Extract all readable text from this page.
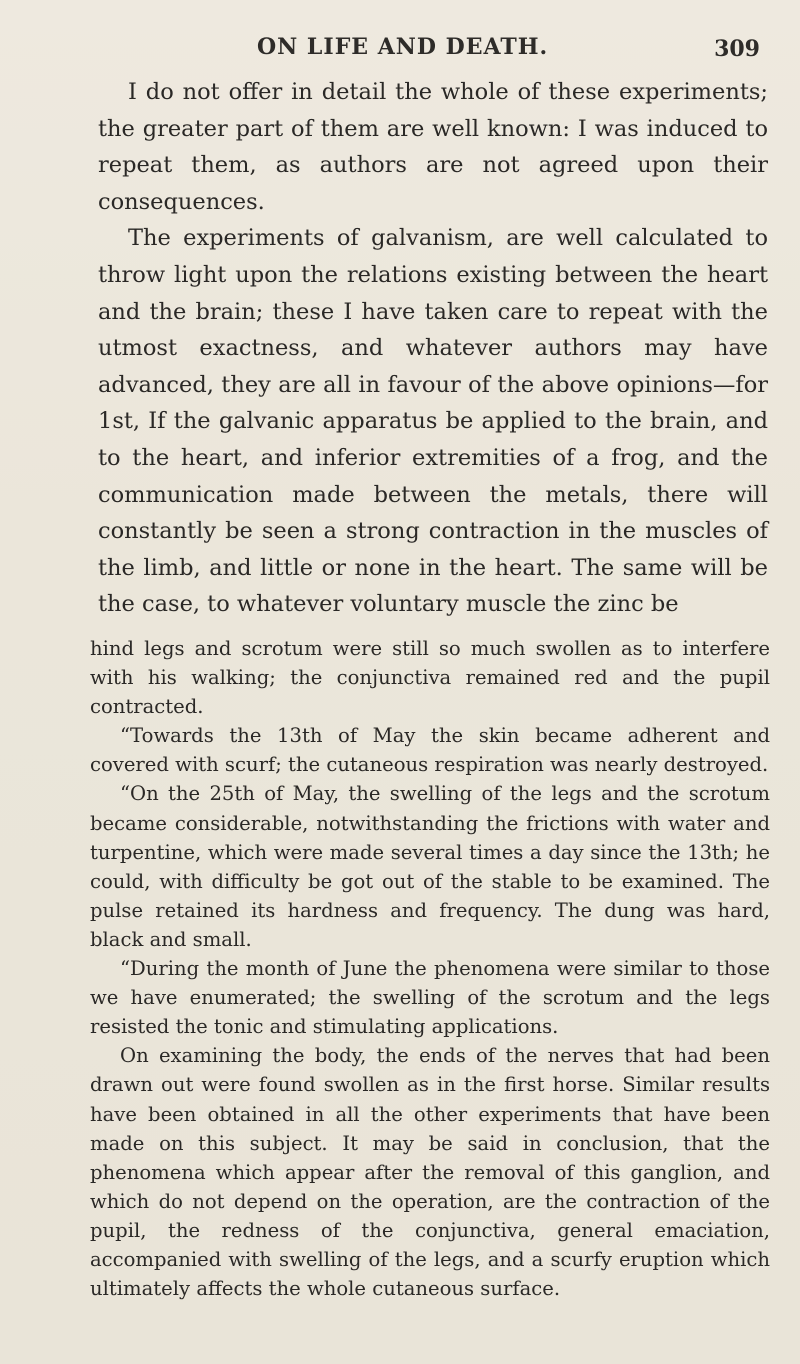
ON LIFE AND DEATH.	309

I do not offer in detail the whole of these experiments; the greater part of them are well known: I was induced to repeat them, as authors are not agreed upon their consequences.

The experiments of galvanism, are well calculated to throw light upon the relations existing between the heart and the brain; these I have taken care to repeat with the utmost exactness, and whatever authors may have advanced, they are all in favour of the above opinions—for 1st, If the galvanic apparatus be applied to the brain, and to the heart, and inferior extremities of a frog, and the communication made between the metals, there will constantly be seen a strong contraction in the muscles of the limb, and little or none in the heart. The same will be the case, to whatever voluntary muscle the zinc be

hind legs and scrotum were still so much swollen as to interfere with his walking; the conjunctiva remained red and the pupil contracted.

“Towards the 13th of May the skin became adherent and covered with scurf; the cutaneous respiration was nearly destroyed.

“On the 25th of May, the swelling of the legs and the scrotum became considerable, notwithstanding the frictions with water and turpentine, which were made several times a day since the 13th; he could, with difficulty be got out of the stable to be examined. The pulse retained its hardness and frequency. The dung was hard, black and small.

“During the month of June the phenomena were similar to those we have enumerated; the swelling of the scrotum and the legs resisted the tonic and stimulating applications.

On examining the body, the ends of the nerves that had been drawn out were found swollen as in the first horse. Similar results have been obtained in all the other experiments that have been made on this subject. It may be said in conclusion, that the phenomena which appear after the removal of this ganglion, and which do not depend on the operation, are the contraction of the pupil, the redness of the conjunctiva, general emaciation, accompanied with swelling of the legs, and a scurfy eruption which ultimately affects the whole cutaneous surface.
